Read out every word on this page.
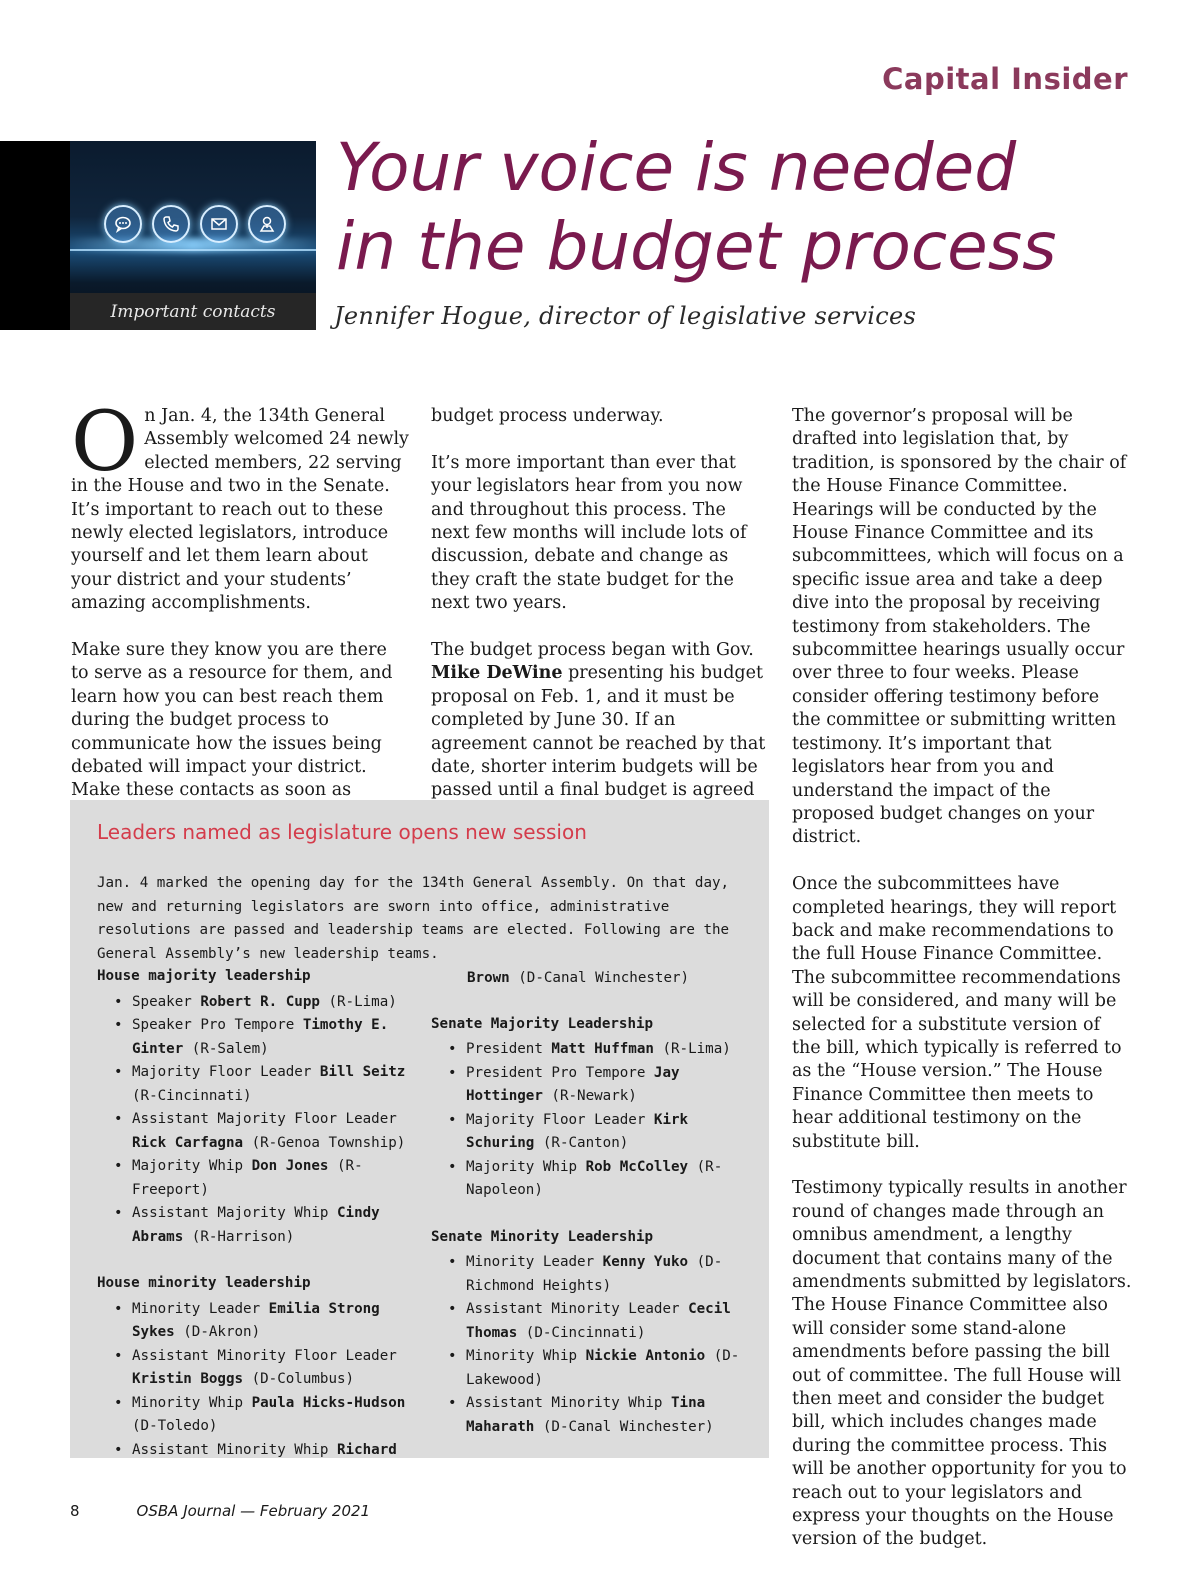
Capital Insider
Important contacts
Your voice is needed
in the budget process
Jennifer Hogue, director of legislative services

On Jan. 4, the 134th General Assembly welcomed 24 newly elected members, 22 serving in the House and two in the Senate. It’s important to reach out to these newly elected legislators, introduce yourself and let them learn about your district and your students’ amazing accomplishments.

Make sure they know you are there to serve as a resource for them, and learn how you can best reach them during the budget process to communicate how the issues being debated will impact your district. Make these contacts as soon as

budget process underway.

It’s more important than ever that your legislators hear from you now and throughout this process. The next few months will include lots of discussion, debate and change as they craft the state budget for the next two years.

The budget process began with Gov. Mike DeWine presenting his budget proposal on Feb. 1, and it must be completed by June 30. If an agreement cannot be reached by that date, shorter interim budgets will be passed until a final budget is agreed

The governor’s proposal will be drafted into legislation that, by tradition, is sponsored by the chair of the House Finance Committee. Hearings will be conducted by the House Finance Committee and its subcommittees, which will focus on a specific issue area and take a deep dive into the proposal by receiving testimony from stakeholders. The subcommittee hearings usually occur over three to four weeks. Please consider offering testimony before the committee or submitting written testimony. It’s important that legislators hear from you and understand the impact of the proposed budget changes on your district.

Once the subcommittees have completed hearings, they will report back and make recommendations to the full House Finance Committee. The subcommittee recommendations will be considered, and many will be selected for a substitute version of the bill, which typically is referred to as the “House version.” The House Finance Committee then meets to hear additional testimony on the substitute bill.

Testimony typically results in another round of changes made through an omnibus amendment, a lengthy document that contains many of the amendments submitted by legislators. The House Finance Committee also will consider some stand-alone amendments before passing the bill out of committee. The full House will then meet and consider the budget bill, which includes changes made during the committee process. This will be another opportunity for you to reach out to your legislators and express your thoughts on the House version of the budget.

Leaders named as legislature opens new session
Jan. 4 marked the opening day for the 134th General Assembly. On that day, new and returning legislators are sworn into office, administrative resolutions are passed and leadership teams are elected. Following are the General Assembly’s new leadership teams.
House majority leadership
• Speaker Robert R. Cupp (R-Lima)
• Speaker Pro Tempore Timothy E. Ginter (R-Salem)
• Majority Floor Leader Bill Seitz (R-Cincinnati)
• Assistant Majority Floor Leader Rick Carfagna (R-Genoa Township)
• Majority Whip Don Jones (R-Freeport)
• Assistant Majority Whip Cindy Abrams (R-Harrison)
House minority leadership
• Minority Leader Emilia Strong Sykes (D-Akron)
• Assistant Minority Floor Leader Kristin Boggs (D-Columbus)
• Minority Whip Paula Hicks-Hudson (D-Toledo)
• Assistant Minority Whip Richard
Brown (D-Canal Winchester)
Senate Majority Leadership
• President Matt Huffman (R-Lima)
• President Pro Tempore Jay Hottinger (R-Newark)
• Majority Floor Leader Kirk Schuring (R-Canton)
• Majority Whip Rob McColley (R-Napoleon)
Senate Minority Leadership
• Minority Leader Kenny Yuko (D-Richmond Heights)
• Assistant Minority Leader Cecil Thomas (D-Cincinnati)
• Minority Whip Nickie Antonio (D-Lakewood)
• Assistant Minority Whip Tina Maharath (D-Canal Winchester)
8	OSBA Journal — February 2021
